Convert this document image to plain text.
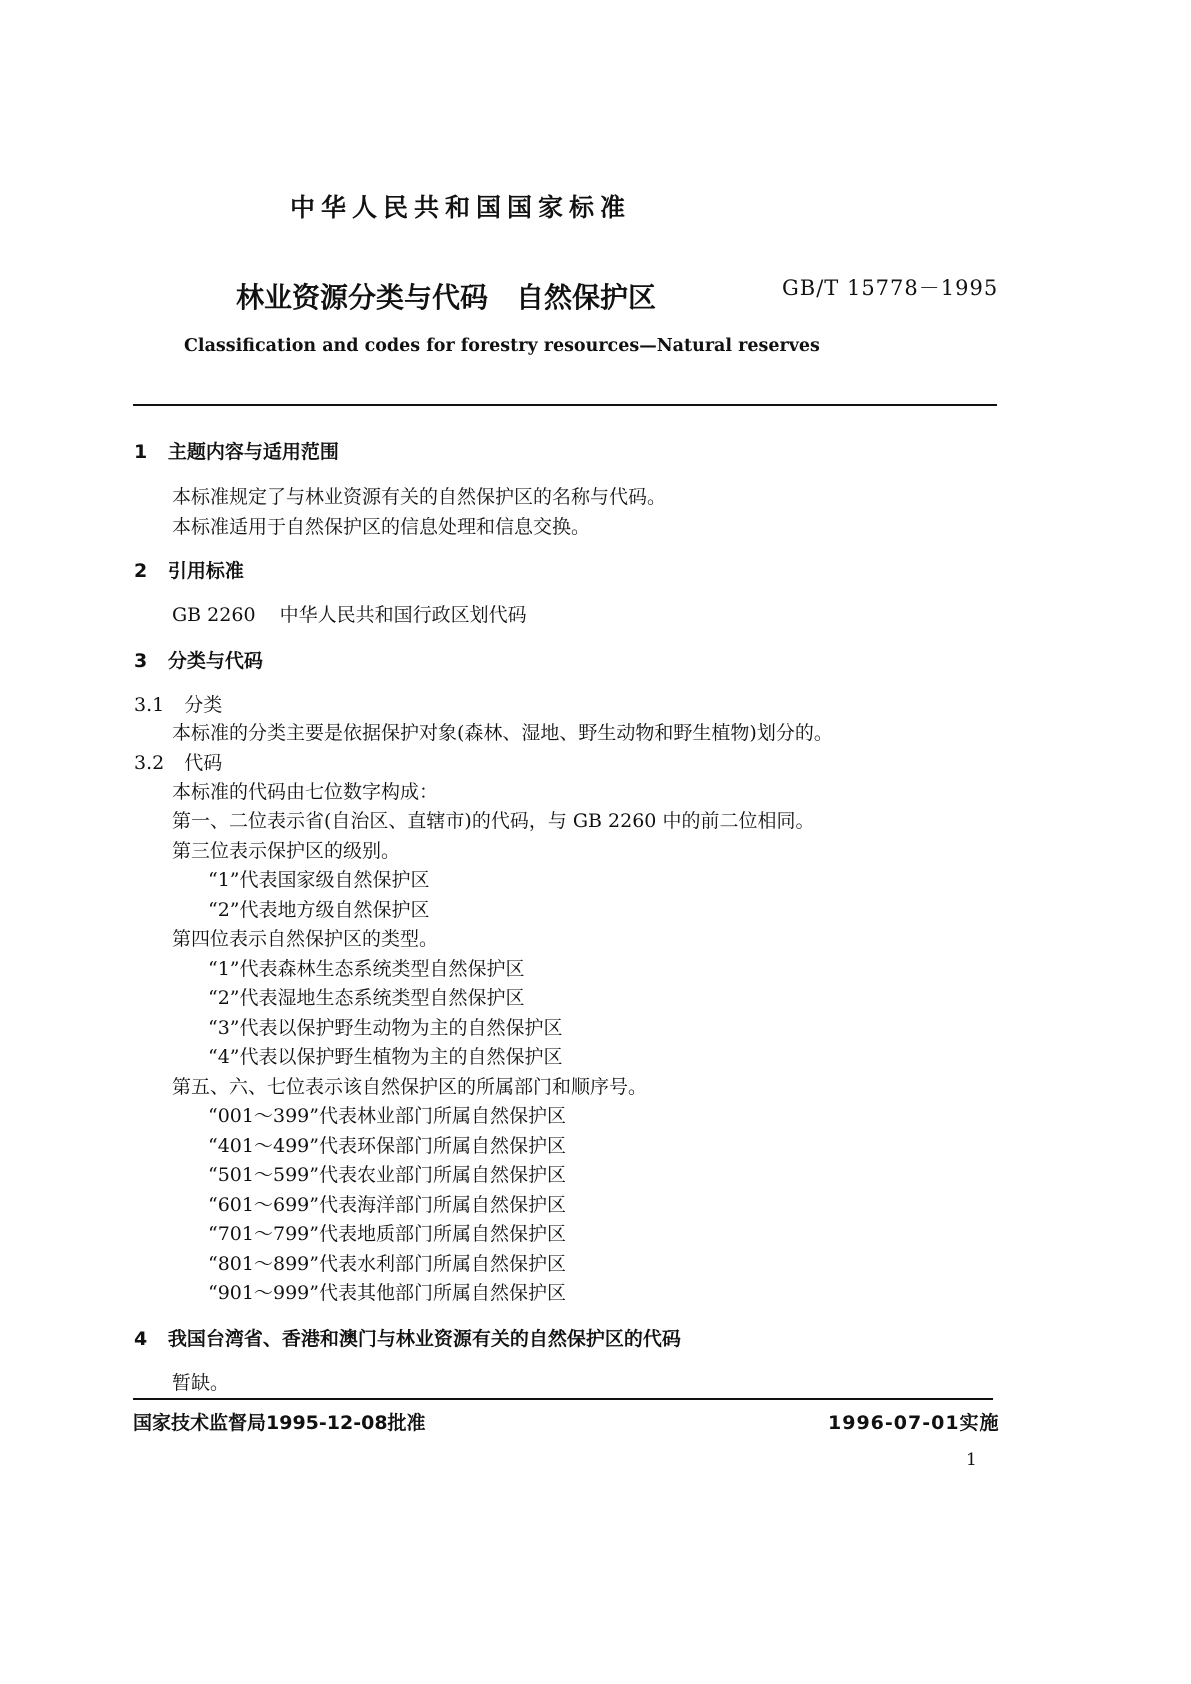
中华人民共和国国家标准
林业资源分类与代码　自然保护区	GB/T 15778－1995
Classification and codes for forestry resources—Natural reserves
1 主题内容与适用范围
本标准规定了与林业资源有关的自然保护区的名称与代码。
本标准适用于自然保护区的信息处理和信息交换。
2 引用标准
GB 2260 中华人民共和国行政区划代码
3 分类与代码
3.1 分类
本标准的分类主要是依据保护对象(森林、湿地、野生动物和野生植物)划分的。
3.2 代码
本标准的代码由七位数字构成：
第一、二位表示省(自治区、直辖市)的代码，与 GB 2260 中的前二位相同。
第三位表示保护区的级别。
“1”代表国家级自然保护区
“2”代表地方级自然保护区
第四位表示自然保护区的类型。
“1”代表森林生态系统类型自然保护区
“2”代表湿地生态系统类型自然保护区
“3”代表以保护野生动物为主的自然保护区
“4”代表以保护野生植物为主的自然保护区
第五、六、七位表示该自然保护区的所属部门和顺序号。
“001～399”代表林业部门所属自然保护区
“401～499”代表环保部门所属自然保护区
“501～599”代表农业部门所属自然保护区
“601～699”代表海洋部门所属自然保护区
“701～799”代表地质部门所属自然保护区
“801～899”代表水利部门所属自然保护区
“901～999”代表其他部门所属自然保护区
4 我国台湾省、香港和澳门与林业资源有关的自然保护区的代码
暂缺。
国家技术监督局1995-12-08批准	1996-07-01实施
1
